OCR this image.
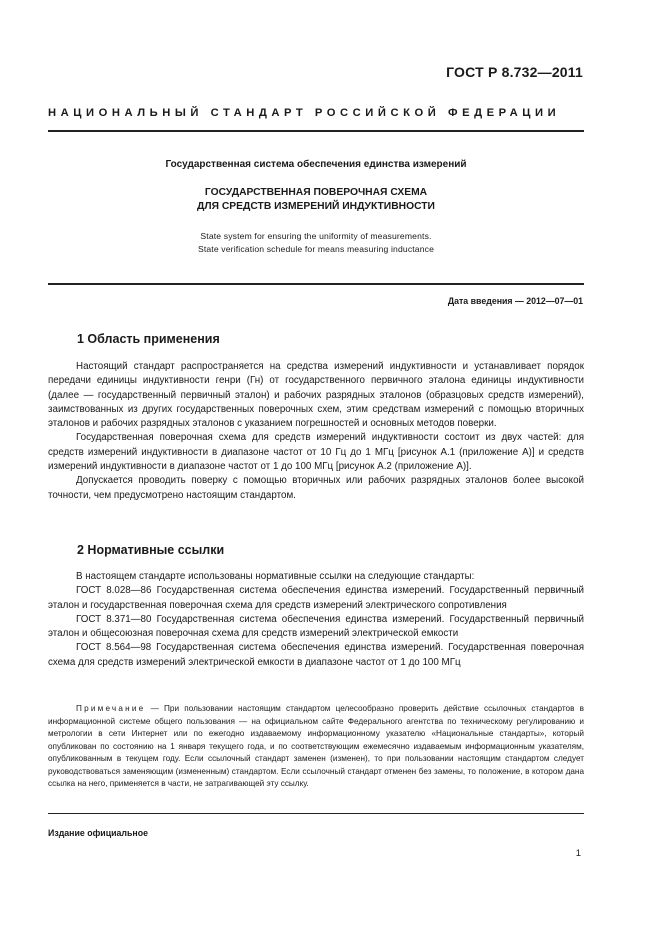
ГОСТ Р 8.732—2011
НАЦИОНАЛЬНЫЙ СТАНДАРТ РОССИЙСКОЙ ФЕДЕРАЦИИ
Государственная система обеспечения единства измерений
ГОСУДАРСТВЕННАЯ ПОВЕРОЧНАЯ СХЕМА
ДЛЯ СРЕДСТВ ИЗМЕРЕНИЙ ИНДУКТИВНОСТИ
State system for ensuring the uniformity of measurements.
State verification schedule for means measuring inductance
Дата введения — 2012—07—01
1 Область применения

Настоящий стандарт распространяется на средства измерений индуктивности и устанавливает порядок передачи единицы индуктивности генри (Гн) от государственного первичного эталона единицы индуктивности (далее — государственный первичный эталон) и рабочих разрядных эталонов (образцовых средств измерений), заимствованных из других государственных поверочных схем, этим средствам измерений с помощью вторичных эталонов и рабочих разрядных эталонов с указанием погрешностей и основных методов поверки.

Государственная поверочная схема для средств измерений индуктивности состоит из двух частей: для средств измерений индуктивности в диапазоне частот от 10 Гц до 1 МГц [рисунок А.1 (приложение А)] и средств измерений индуктивности в диапазоне частот от 1 до 100 МГц [рисунок А.2 (приложение А)].

Допускается проводить поверку с помощью вторичных или рабочих разрядных эталонов более высокой точности, чем предусмотрено настоящим стандартом.

2 Нормативные ссылки

В настоящем стандарте использованы нормативные ссылки на следующие стандарты:

ГОСТ 8.028—86 Государственная система обеспечения единства измерений. Государственный первичный эталон и государственная поверочная схема для средств измерений электрического сопротивления

ГОСТ 8.371—80 Государственная система обеспечения единства измерений. Государственный первичный эталон и общесоюзная поверочная схема для средств измерений электрической емкости

ГОСТ 8.564—98 Государственная система обеспечения единства измерений. Государственная поверочная схема для средств измерений электрической емкости в диапазоне частот от 1 до 100 МГц

Примечание — При пользовании настоящим стандартом целесообразно проверить действие ссылочных стандартов в информационной системе общего пользования — на официальном сайте Федерального агентства по техническому регулированию и метрологии в сети Интернет или по ежегодно издаваемому информационному указателю «Национальные стандарты», который опубликован по состоянию на 1 января текущего года, и по соответствующим ежемесячно издаваемым информационным указателям, опубликованным в текущем году. Если ссылочный стандарт заменен (изменен), то при пользовании настоящим стандартом следует руководствоваться заменяющим (измененным) стандартом. Если ссылочный стандарт отменен без замены, то положение, в котором дана ссылка на него, применяется в части, не затрагивающей эту ссылку.
Издание официальное
1
